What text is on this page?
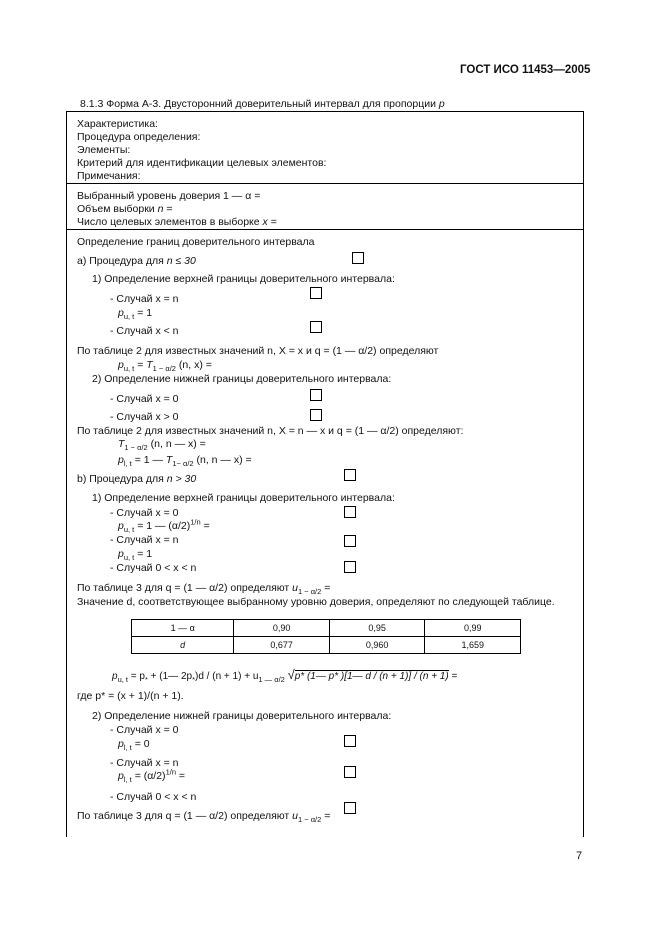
ГОСТ ИСО 11453—2005
8.1.3 Форма А-3. Двусторонний доверительный интервал для пропорции p
Характеристика:
Процедура определения:
Элементы:
Критерий для идентификации целевых элементов:
Примечания:
Выбранный уровень доверия 1 — α =
Объем выборки n =
Число целевых элементов в выборке x =
Определение границ доверительного интервала
a) Процедура для n ≤ 30
1) Определение верхней границы доверительного интервала:
- Случай x = n
$p_{u, t} = 1$
- Случай x < n
По таблице 2 для известных значений n, X = x и q = (1 — α/2) определяют
$p_{u, t} = T_{1 - \alpha/2}$ (n, x) =
2) Определение нижней границы доверительного интервала:
- Случай x = 0
- Случай x > 0
По таблице 2 для известных значений n, X = n — x и q = (1 — α/2) определяют:
$T_{1 - \alpha/2}$ (n, n — x) =
$p_{l, t} = 1$ — $T_{1- \alpha/2}$ (n, n — x) =
b) Процедура для n > 30
1) Определение верхней границы доверительного интервала:
- Случай x = 0
$p_{u, t} = 1$ — $(\alpha/2)^{1/n}$ =
- Случай x = n
$p_{u, t} = 1$
- Случай 0 < x < n
По таблице 3 для q = (1 — α/2) определяют $u_{1 - \alpha/2}$ =
Значение d, соответствующее выбранному уровню доверия, определяют по следующей таблице.
1 — α	0,90	0,95	0,99
d	0,677	0,960	1,659
$p_{u, t} = p_*$ + (1— $2p_*)d / (n + 1) + u_{1 — \alpha/2}$ √p* (1— p* )[1— d / (n + 1)] / (n + 1) =
где p* = (x + 1)/(n + 1).
2) Определение нижней границы доверительного интервала:
- Случай x = 0
$p_{l, t} = 0$
- Случай x = n
$p_{l, t} = (\alpha/2)^{1/n}$ =
- Случай 0 < x < n
По таблице 3 для q = (1 — α/2) определяют $u_{1 - \alpha/2}$ =
7
